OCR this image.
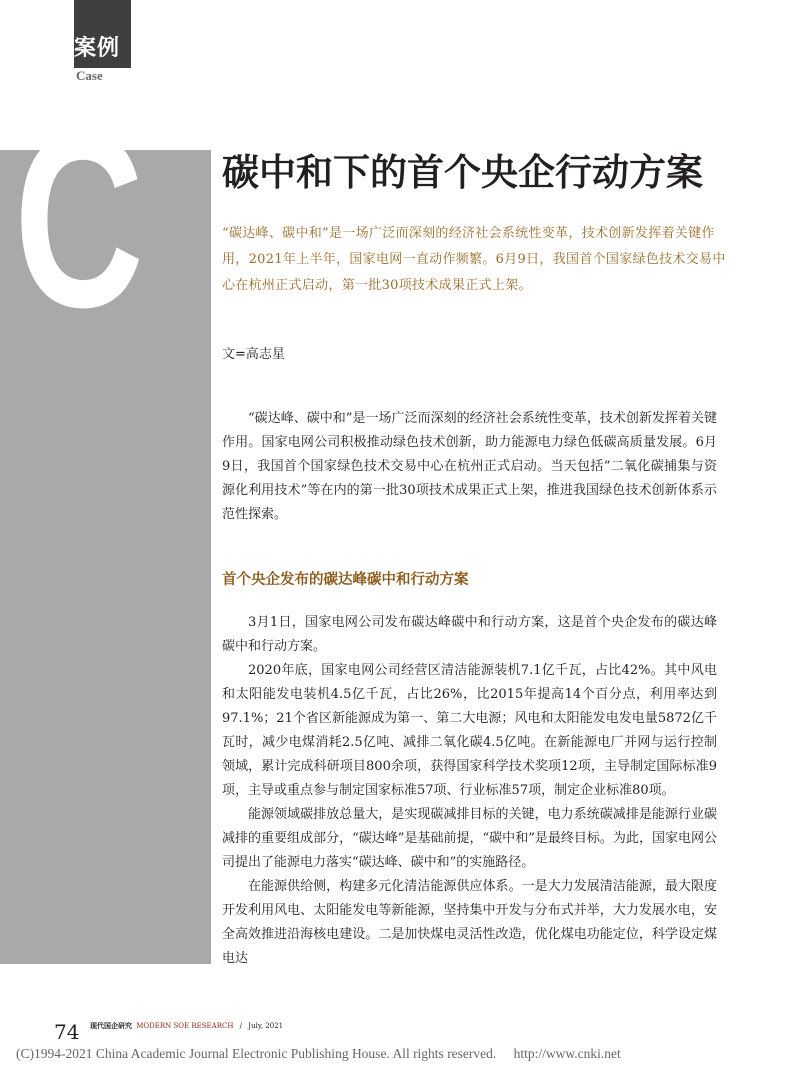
案例
Case
C 碳中和下的首个央企行动方案

“碳达峰、碳中和”是一场广泛而深刻的经济社会系统性变革，技术创新发挥着关键作用，2021年上半年，国家电网一直动作频繁。6月9日，我国首个国家绿色技术交易中心在杭州正式启动，第一批30项技术成果正式上架。

文=高志星

“碳达峰、碳中和”是一场广泛而深刻的经济社会系统性变革，技术创新发挥着关键作用。国家电网公司积极推动绿色技术创新，助力能源电力绿色低碳高质量发展。6月9日，我国首个国家绿色技术交易中心在杭州正式启动。当天包括“二氧化碳捕集与资源化利用技术”等在内的第一批30项技术成果正式上架，推进我国绿色技术创新体系示范性探索。

首个央企发布的碳达峰碳中和行动方案

3月1日，国家电网公司发布碳达峰碳中和行动方案，这是首个央企发布的碳达峰碳中和行动方案。

2020年底，国家电网公司经营区清洁能源装机7.1亿千瓦，占比42%。其中风电和太阳能发电装机4.5亿千瓦，占比26%，比2015年提高14个百分点，利用率达到97.1%；21个省区新能源成为第一、第二大电源；风电和太阳能发电发电量5872亿千瓦时，减少电煤消耗2.5亿吨、减排二氧化碳4.5亿吨。在新能源电厂并网与运行控制领域，累计完成科研项目800余项，获得国家科学技术奖项12项，主导制定国际标准9项，主导或重点参与制定国家标准57项、行业标准57项，制定企业标准80项。

能源领域碳排放总量大，是实现碳减排目标的关键，电力系统碳减排是能源行业碳减排的重要组成部分，“碳达峰”是基础前提，“碳中和”是最终目标。为此，国家电网公司提出了能源电力落实“碳达峰、碳中和”的实施路径。

在能源供给侧，构建多元化清洁能源供应体系。一是大力发展清洁能源，最大限度开发利用风电、太阳能发电等新能源，坚持集中开发与分布式并举，大力发展水电，安全高效推进沿海核电建设。二是加快煤电灵活性改造，优化煤电功能定位，科学设定煤电达

74 现代国企研究 MODERN SOE RESEARCH / July, 2021
(C)1994-2021 China Academic Journal Electronic Publishing House. All rights reserved. http://www.cnki.net
